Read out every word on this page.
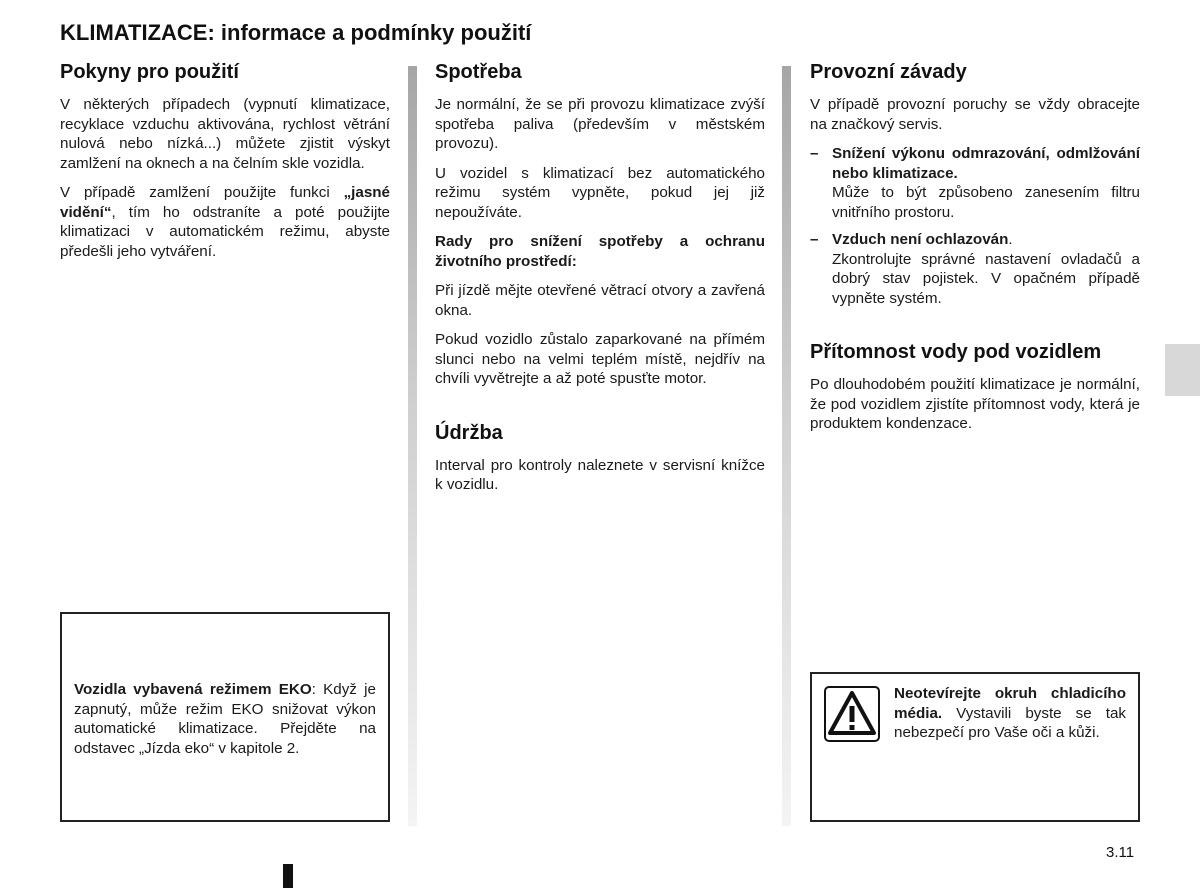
KLIMATIZACE: informace a podmínky použití
Pokyny pro použití

V některých případech (vypnutí klimatizace, recyklace vzduchu aktivována, rychlost větrání nulová nebo nízká...) můžete zjistit výskyt zamlžení na oknech a na čelním skle vozidla.

V případě zamlžení použijte funkci „jasné vidění“, tím ho odstraníte a poté použijte klimatizaci v automatickém režimu, abyste předešli jeho vytváření.

Vozidla vybavená režimem EKO: Když je zapnutý, může režim EKO snižovat výkon automatické klimatizace. Přejděte na odstavec „Jízda eko“ v kapitole 2.

Spotřeba

Je normální, že se při provozu klimatizace zvýší spotřeba paliva (především v městském provozu).

U vozidel s klimatizací bez automatického režimu systém vypněte, pokud jej již nepoužíváte.

Rady pro snížení spotřeby a ochranu životního prostředí:

Při jízdě mějte otevřené větrací otvory a zavřená okna.

Pokud vozidlo zůstalo zaparkované na přímém slunci nebo na velmi teplém místě, nejdřív na chvíli vyvětrejte a až poté spusťte motor.

Údržba

Interval pro kontroly naleznete v servisní knížce k vozidlu.

Provozní závady

V případě provozní poruchy se vždy obracejte na značkový servis.

– Snížení výkonu odmrazování, odmlžování nebo klimatizace.
Může to být způsobeno zanesením filtru vnitřního prostoru.
– Vzduch není ochlazován.
Zkontrolujte správné nastavení ovladačů a dobrý stav pojistek. V opačném případě vypněte systém.
Přítomnost vody pod vozidlem

Po dlouhodobém použití klimatizace je normální, že pod vozidlem zjistíte přítomnost vody, která je produktem kondenzace.

Neotevírejte okruh chladicího média. Vystavili byste se tak nebezpečí pro Vaše oči a kůži.

3.11
